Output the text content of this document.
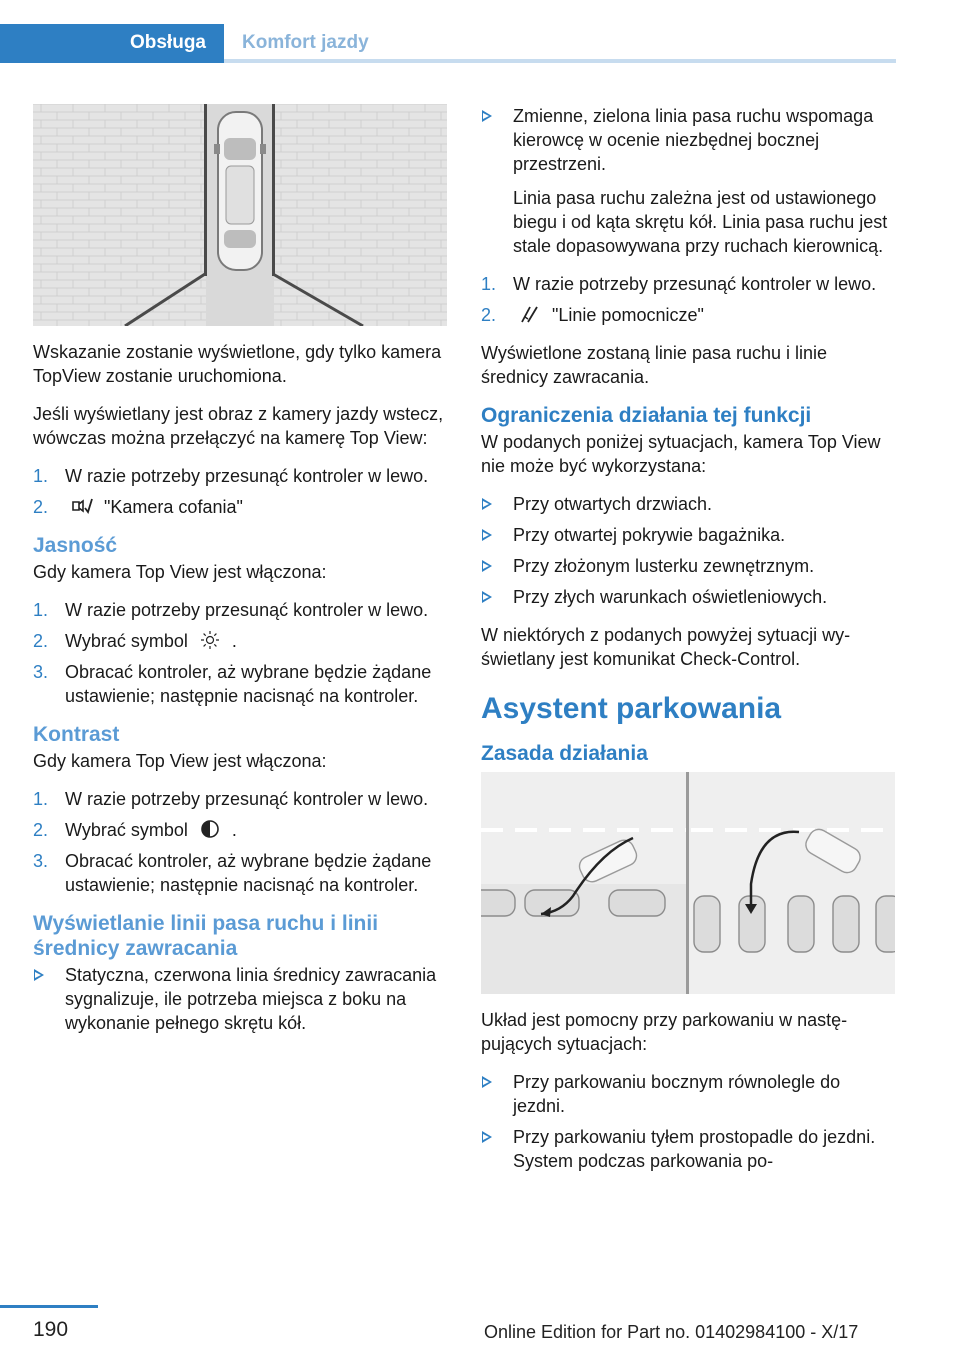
Obsługa	Komfort jazdy

Wskazanie zostanie wyświetlone, gdy tylko kamera TopView zostanie uruchomiona.

Jeśli wyświetlany jest obraz z kamery jazdy wstecz, wówczas można przełączyć na kamerę Top View:

1. W razie potrzeby przesunąć kontroler w lewo.
2.	"Kamera cofania"
Jasność

Gdy kamera Top View jest włączona:

1. W razie potrzeby przesunąć kontroler w lewo.
2. Wybrać symbol .
3. Obracać kontroler, aż wybrane będzie żądane ustawienie; następnie nacisnąć na kontroler.
Kontrast

Gdy kamera Top View jest włączona:

1. W razie potrzeby przesunąć kontroler w lewo.
2. Wybrać symbol .
3. Obracać kontroler, aż wybrane będzie żądane ustawienie; następnie nacisnąć na kontroler.
Wyświetlanie linii pasa ruchu i linii średnicy zawracania
Statyczna, czerwona linia średnicy zawracania sygnalizuje, ile potrzeba miejsca z boku na wykonanie pełnego skrętu kół.
Zmienne, zielona linia pasa ruchu wspomaga kierowcę w ocenie niezbędnej bocznej przestrzeni.
Linia pasa ruchu zależna jest od ustawionego biegu i od kąta skrętu kół. Linia pasa ruchu jest stale dopasowywana przy ruchach kierownicą.
1. W razie potrzeby przesunąć kontroler w lewo.
2.	"Linie pomocnicze"

Wyświetlone zostaną linie pasa ruchu i linie średnicy zawracania.

Ograniczenia działania tej funkcji

W podanych poniżej sytuacjach, kamera Top View nie może być wykorzystana:

Przy otwartych drzwiach.
Przy otwartej pokrywie bagażnika.
Przy złożonym lusterku zewnętrznym.
Przy złych warunkach oświetleniowych.

W niektórych z podanych powyżej sytuacji wyświetlany jest komunikat Check-Control.

Asystent parkowania
Zasada działania

Układ jest pomocny przy parkowaniu w następujących sytuacjach:

Przy parkowaniu bocznym równolegle do jezdni.
Przy parkowaniu tyłem prostopadle do jezdni. System podczas parkowania po-
190	Online Edition for Part no. 01402984100 - X/17
